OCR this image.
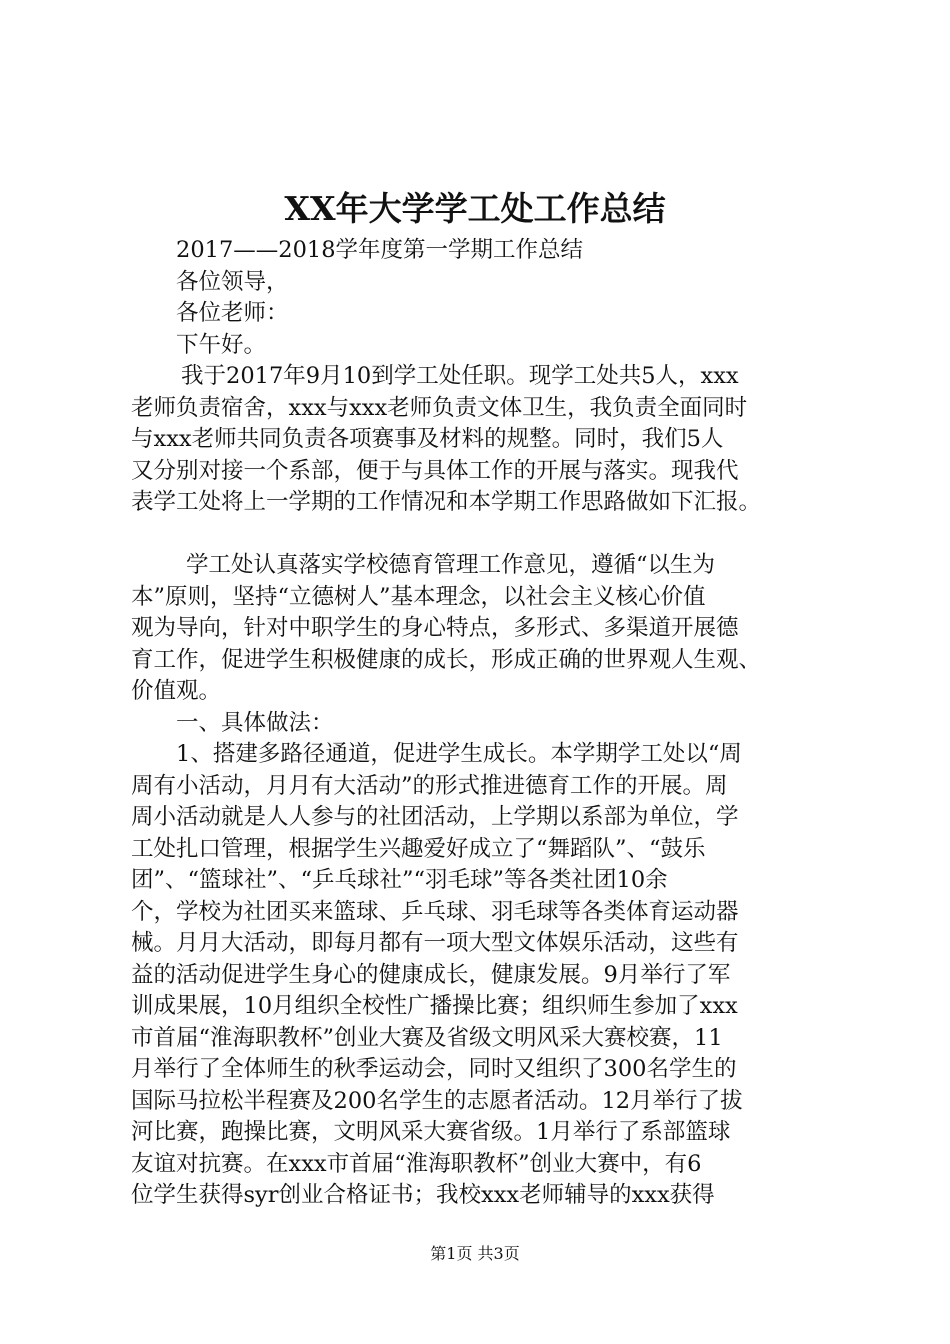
XX年大学学工处工作总结
2017——2018学年度第一学期工作总结
各位领导，
各位老师：
下午好。
我于2017年9月10到学工处任职。现学工处共5人，xxx
老师负责宿舍，xxx与xxx老师负责文体卫生，我负责全面同时
与xxx老师共同负责各项赛事及材料的规整。同时，我们5人
又分别对接一个系部，便于与具体工作的开展与落实。现我代
表学工处将上一学期的工作情况和本学期工作思路做如下汇报。
学工处认真落实学校德育管理工作意见，遵循“以生为
本”原则，坚持“立德树人”基本理念，以社会主义核心价值
观为导向，针对中职学生的身心特点，多形式、多渠道开展德
育工作，促进学生积极健康的成长，形成正确的世界观人生观、
价值观。
一、具体做法：
1、搭建多路径通道，促进学生成长。本学期学工处以“周
周有小活动，月月有大活动”的形式推进德育工作的开展。周
周小活动就是人人参与的社团活动，上学期以系部为单位，学
工处扎口管理，根据学生兴趣爱好成立了“舞蹈队”、“鼓乐
团”、“篮球社”、“乒乓球社”“羽毛球”等各类社团10余
个，学校为社团买来篮球、乒乓球、羽毛球等各类体育运动器
械。月月大活动，即每月都有一项大型文体娱乐活动，这些有
益的活动促进学生身心的健康成长，健康发展。9月举行了军
训成果展，10月组织全校性广播操比赛；组织师生参加了xxx
市首届“淮海职教杯”创业大赛及省级文明风采大赛校赛，11
月举行了全体师生的秋季运动会，同时又组织了300名学生的
国际马拉松半程赛及200名学生的志愿者活动。12月举行了拔
河比赛，跑操比赛，文明风采大赛省级。1月举行了系部篮球
友谊对抗赛。在xxx市首届“淮海职教杯”创业大赛中，有6
位学生获得syr创业合格证书；我校xxx老师辅导的xxx获得
第1页 共3页
